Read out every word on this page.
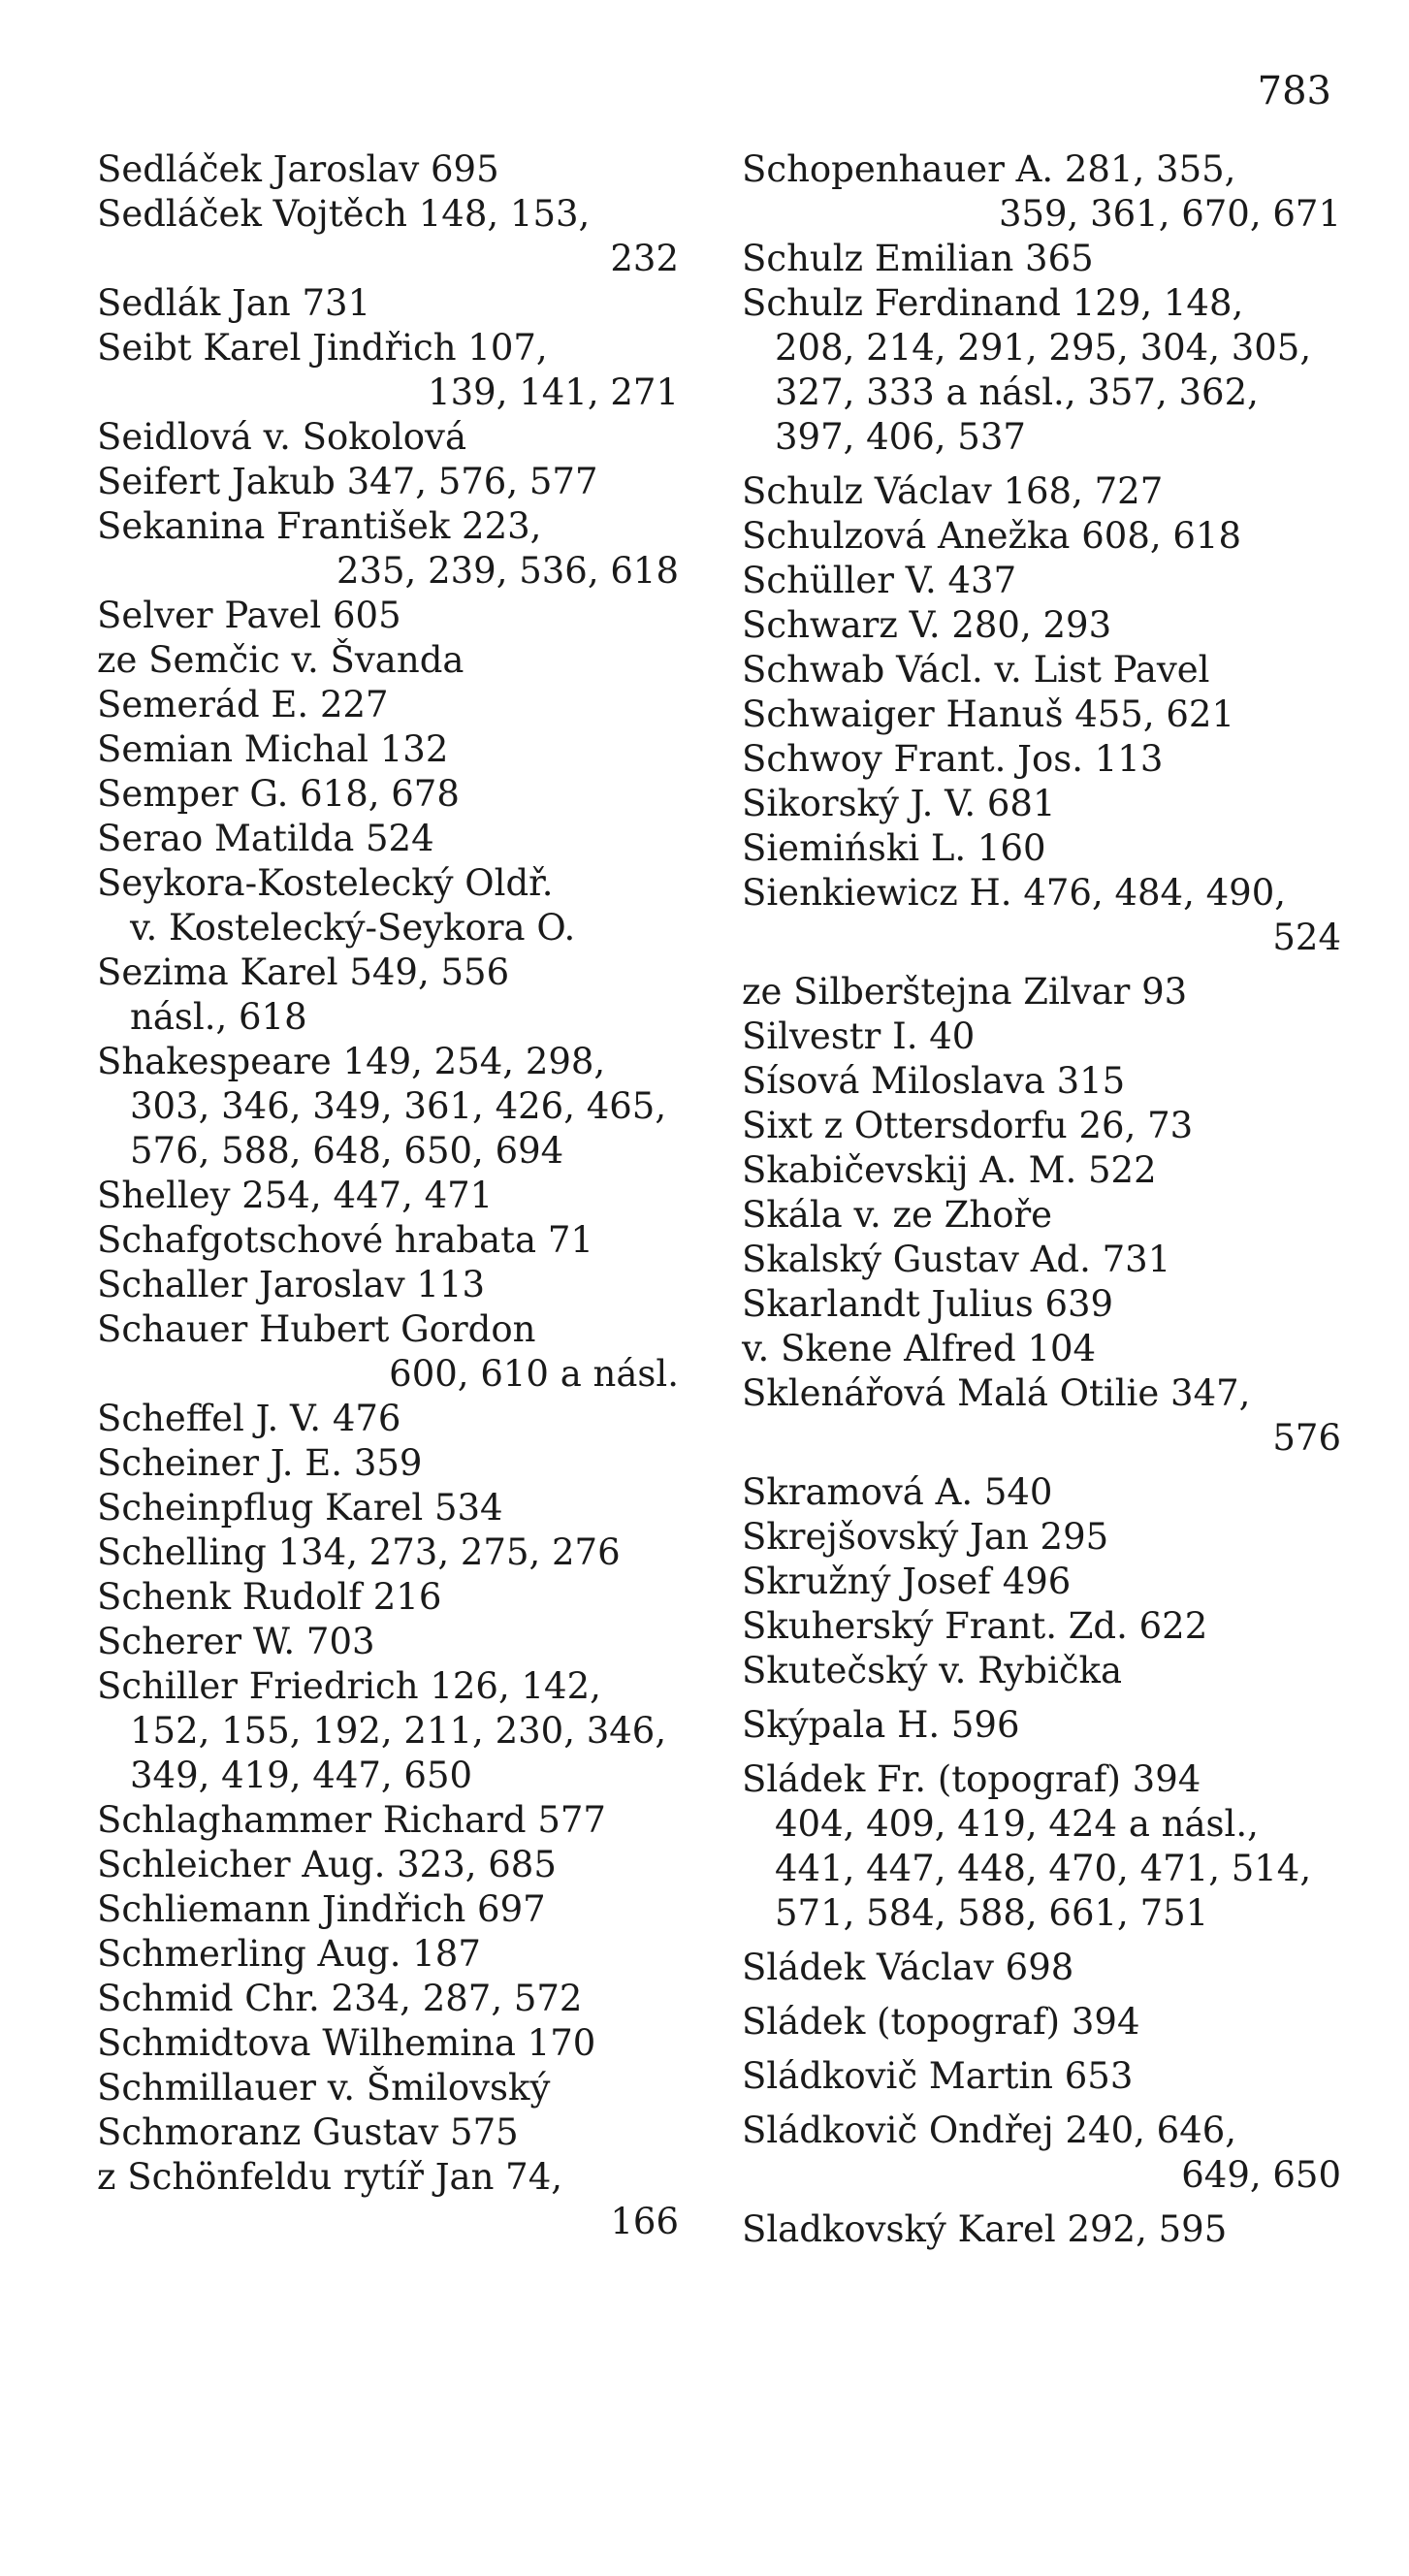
783
Sedláček Jaroslav 695
Sedláček Vojtěch 148, 153,
232
Sedlák Jan 731
Seibt Karel Jindřich 107,
139, 141, 271
Seidlová v. Sokolová
Seifert Jakub 347, 576, 577
Sekanina František 223,
235, 239, 536, 618
Selver Pavel 605
ze Semčic v. Švanda
Semerád E. 227
Semian Michal 132
Semper G. 618, 678
Serao Matilda 524
Seykora-Kostelecký Oldř.
v. Kostelecký-Seykora O.
Sezima Karel 549, 556
násl., 618
Shakespeare 149, 254, 298,
303, 346, 349, 361, 426, 465,
576, 588, 648, 650, 694
Shelley 254, 447, 471
Schafgotschové hrabata 71
Schaller Jaroslav 113
Schauer Hubert Gordon
600, 610 a násl.
Scheffel J. V. 476
Scheiner J. E. 359
Scheinpflug Karel 534
Schelling 134, 273, 275, 276
Schenk Rudolf 216
Scherer W. 703
Schiller Friedrich 126, 142,
152, 155, 192, 211, 230, 346,
349, 419, 447, 650
Schlaghammer Richard 577
Schleicher Aug. 323, 685
Schliemann Jindřich 697
Schmerling Aug. 187
Schmid Chr. 234, 287, 572
Schmidtova Wilhemina 170
Schmillauer v. Šmilovský
Schmoranz Gustav 575
z Schönfeldu rytíř Jan 74,
166
Schopenhauer A. 281, 355,
359, 361, 670, 671
Schulz Emilian 365
Schulz Ferdinand 129, 148,
208, 214, 291, 295, 304, 305,
327, 333 a násl., 357, 362,
397, 406, 537
Schulz Václav 168, 727
Schulzová Anežka 608, 618
Schüller V. 437
Schwarz V. 280, 293
Schwab Václ. v. List Pavel
Schwaiger Hanuš 455, 621
Schwoy Frant. Jos. 113
Sikorský J. V. 681
Siemiński L. 160
Sienkiewicz H. 476, 484, 490,
524
ze Silberštejna Zilvar 93
Silvestr I. 40
Sísová Miloslava 315
Sixt z Ottersdorfu 26, 73
Skabičevskij A. M. 522
Skála v. ze Zhoře
Skalský Gustav Ad. 731
Skarlandt Julius 639
v. Skene Alfred 104
Sklenářová Malá Otilie 347,
576
Skramová A. 540
Skrejšovský Jan 295
Skružný Josef 496
Skuherský Frant. Zd. 622
Skutečský v. Rybička
Skýpala H. 596
Sládek Fr. (topograf) 394
404, 409, 419, 424 a násl.,
441, 447, 448, 470, 471, 514,
571, 584, 588, 661, 751
Sládek Václav 698
Sládek (topograf) 394
Sládkovič Martin 653
Sládkovič Ondřej 240, 646,
649, 650
Sladkovský Karel 292, 595
